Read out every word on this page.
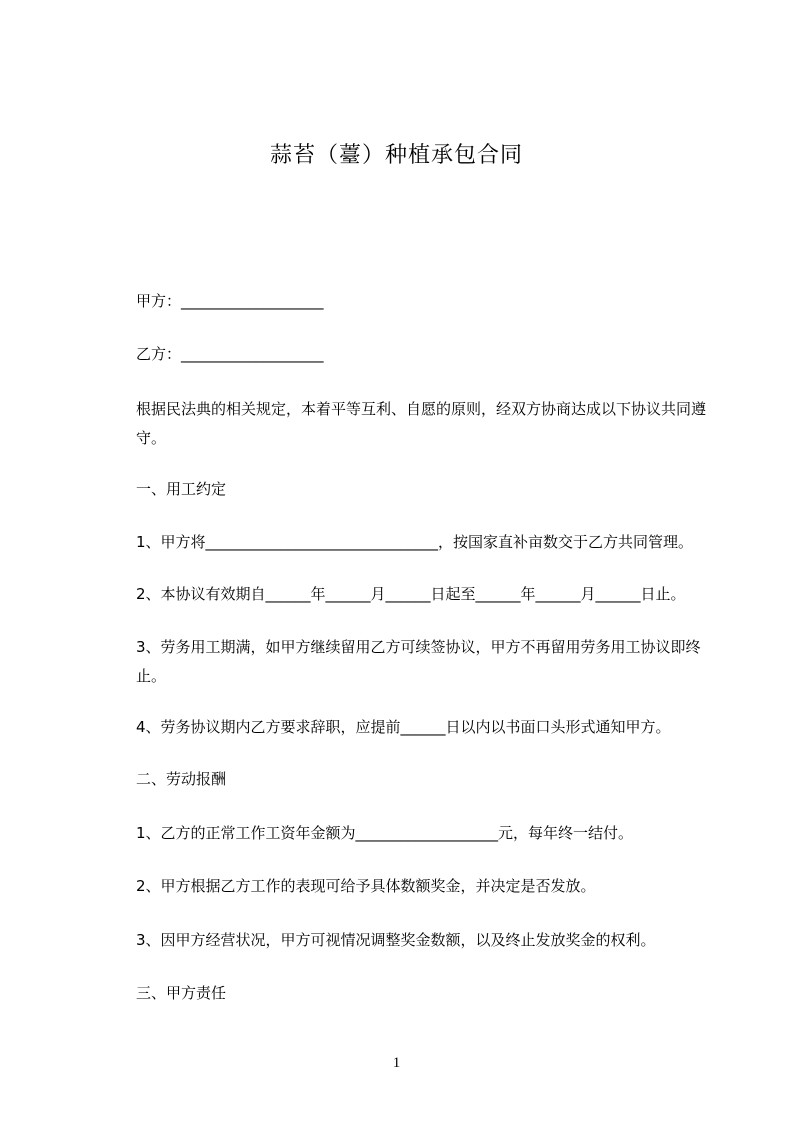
蒜苔（薹）种植承包合同
甲方：___________________
乙方：___________________
根据民法典的相关规定，本着平等互利、自愿的原则，经双方协商达成以下协议共同遵守。
一、用工约定
1、甲方将_______________________________，按国家直补亩数交于乙方共同管理。
2、本协议有效期自______年______月______日起至______年______月______日止。
3、劳务用工期满，如甲方继续留用乙方可续签协议，甲方不再留用劳务用工协议即终止。
4、劳务协议期内乙方要求辞职，应提前______日以内以书面口头形式通知甲方。
二、劳动报酬
1、乙方的正常工作工资年金额为___________________元，每年终一结付。
2、甲方根据乙方工作的表现可给予具体数额奖金，并决定是否发放。
3、因甲方经营状况，甲方可视情况调整奖金数额，以及终止发放奖金的权利。
三、甲方责任
1
